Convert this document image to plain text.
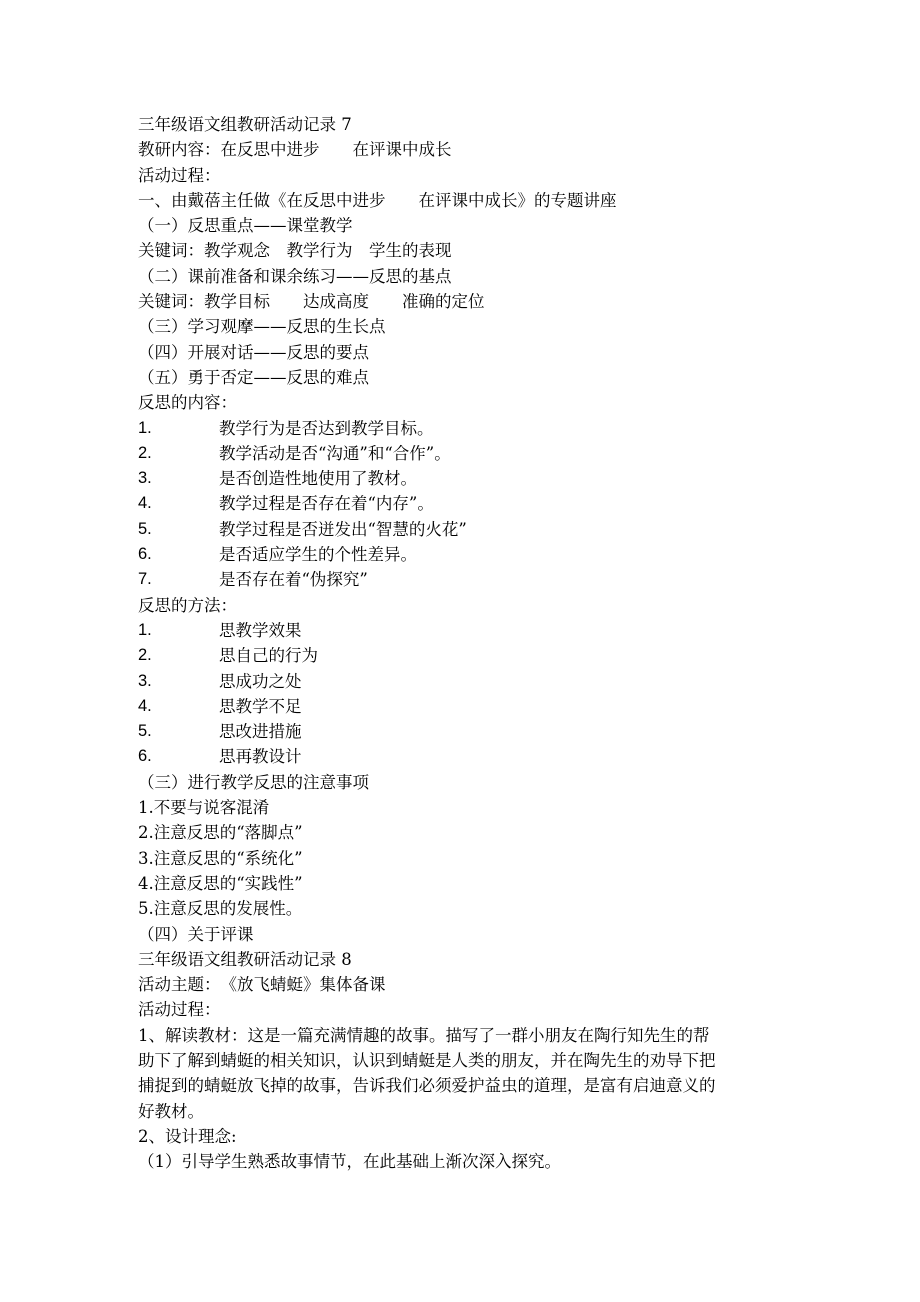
三年级语文组教研活动记录 7
教研内容：在反思中进步　　在评课中成长
活动过程：
一、由戴蓓主任做《在反思中进步　　在评课中成长》的专题讲座
（一）反思重点——课堂教学
关键词：教学观念　教学行为　学生的表现
（二）课前准备和课余练习——反思的基点
关键词：教学目标　　达成高度　　准确的定位
（三）学习观摩——反思的生长点
（四）开展对话——反思的要点
（五）勇于否定——反思的难点
反思的内容：
1.	教学行为是否达到教学目标。
2.	教学活动是否“沟通”和“合作”。
3.	是否创造性地使用了教材。
4.	教学过程是否存在着“内存”。
5.	教学过程是否迸发出“智慧的火花”
6.	是否适应学生的个性差异。
7.	是否存在着“伪探究”
反思的方法：
1.	思教学效果
2.	思自己的行为
3.	思成功之处
4.	思教学不足
5.	思改进措施
6.	思再教设计
（三）进行教学反思的注意事项
1.不要与说客混淆
2.注意反思的“落脚点”
3.注意反思的“系统化”
4.注意反思的“实践性”
5.注意反思的发展性。
（四）关于评课
三年级语文组教研活动记录 8
活动主题：　《放飞蜻蜓》集体备课
活动过程：
1、解读教材：这是一篇充满情趣的故事。描写了一群小朋友在陶行知先生的帮
助下了解到蜻蜓的相关知识，认识到蜻蜓是人类的朋友，并在陶先生的劝导下把
捕捉到的蜻蜓放飞掉的故事，告诉我们必须爱护益虫的道理，是富有启迪意义的
好教材。
2、设计理念:
（1）引导学生熟悉故事情节，在此基础上渐次深入探究。
